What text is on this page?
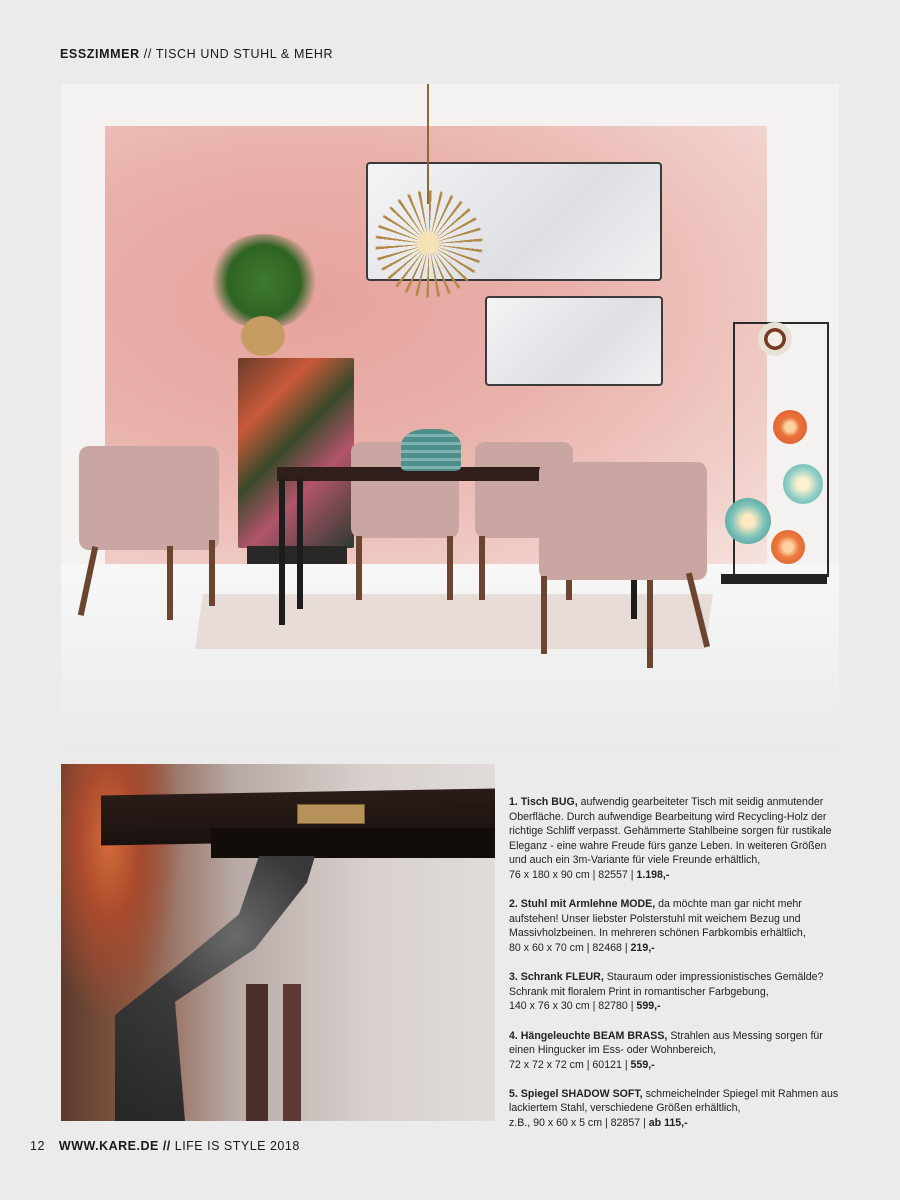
ESSZIMMER // TISCH UND STUHL & MEHR

1. Tisch BUG, aufwendig gearbeiteter Tisch mit seidig anmutender Oberfläche. Durch aufwendige Bearbeitung wird Recycling-Holz der richtige Schliff verpasst. Gehämmerte Stahlbeine sorgen für rustikale Eleganz - eine wahre Freude fürs ganze Leben. In weiteren Größen und auch ein 3m-Variante für viele Freunde erhältlich,
76 x 180 x 90 cm | 82557 | 1.198,-

2. Stuhl mit Armlehne MODE, da möchte man gar nicht mehr aufstehen! Unser liebster Polsterstuhl mit weichem Bezug und Massivholzbeinen. In mehreren schönen Farbkombis erhältlich,
80 x 60 x 70 cm | 82468 | 219,-

3. Schrank FLEUR, Stauraum oder impressionistisches Gemälde? Schrank mit floralem Print in romantischer Farbgebung,
140 x 76 x 30 cm | 82780 | 599,-

4. Hängeleuchte BEAM BRASS, Strahlen aus Messing sorgen für einen Hingucker im Ess- oder Wohnbereich,
72 x 72 x 72 cm | 60121 | 559,-

5. Spiegel SHADOW SOFT, schmeichelnder Spiegel mit Rahmen aus lackiertem Stahl, verschiedene Größen erhältlich,
z.B., 90 x 60 x 5 cm | 82857 | ab 115,-

12 WWW.KARE.DE // LIFE IS STYLE 2018
